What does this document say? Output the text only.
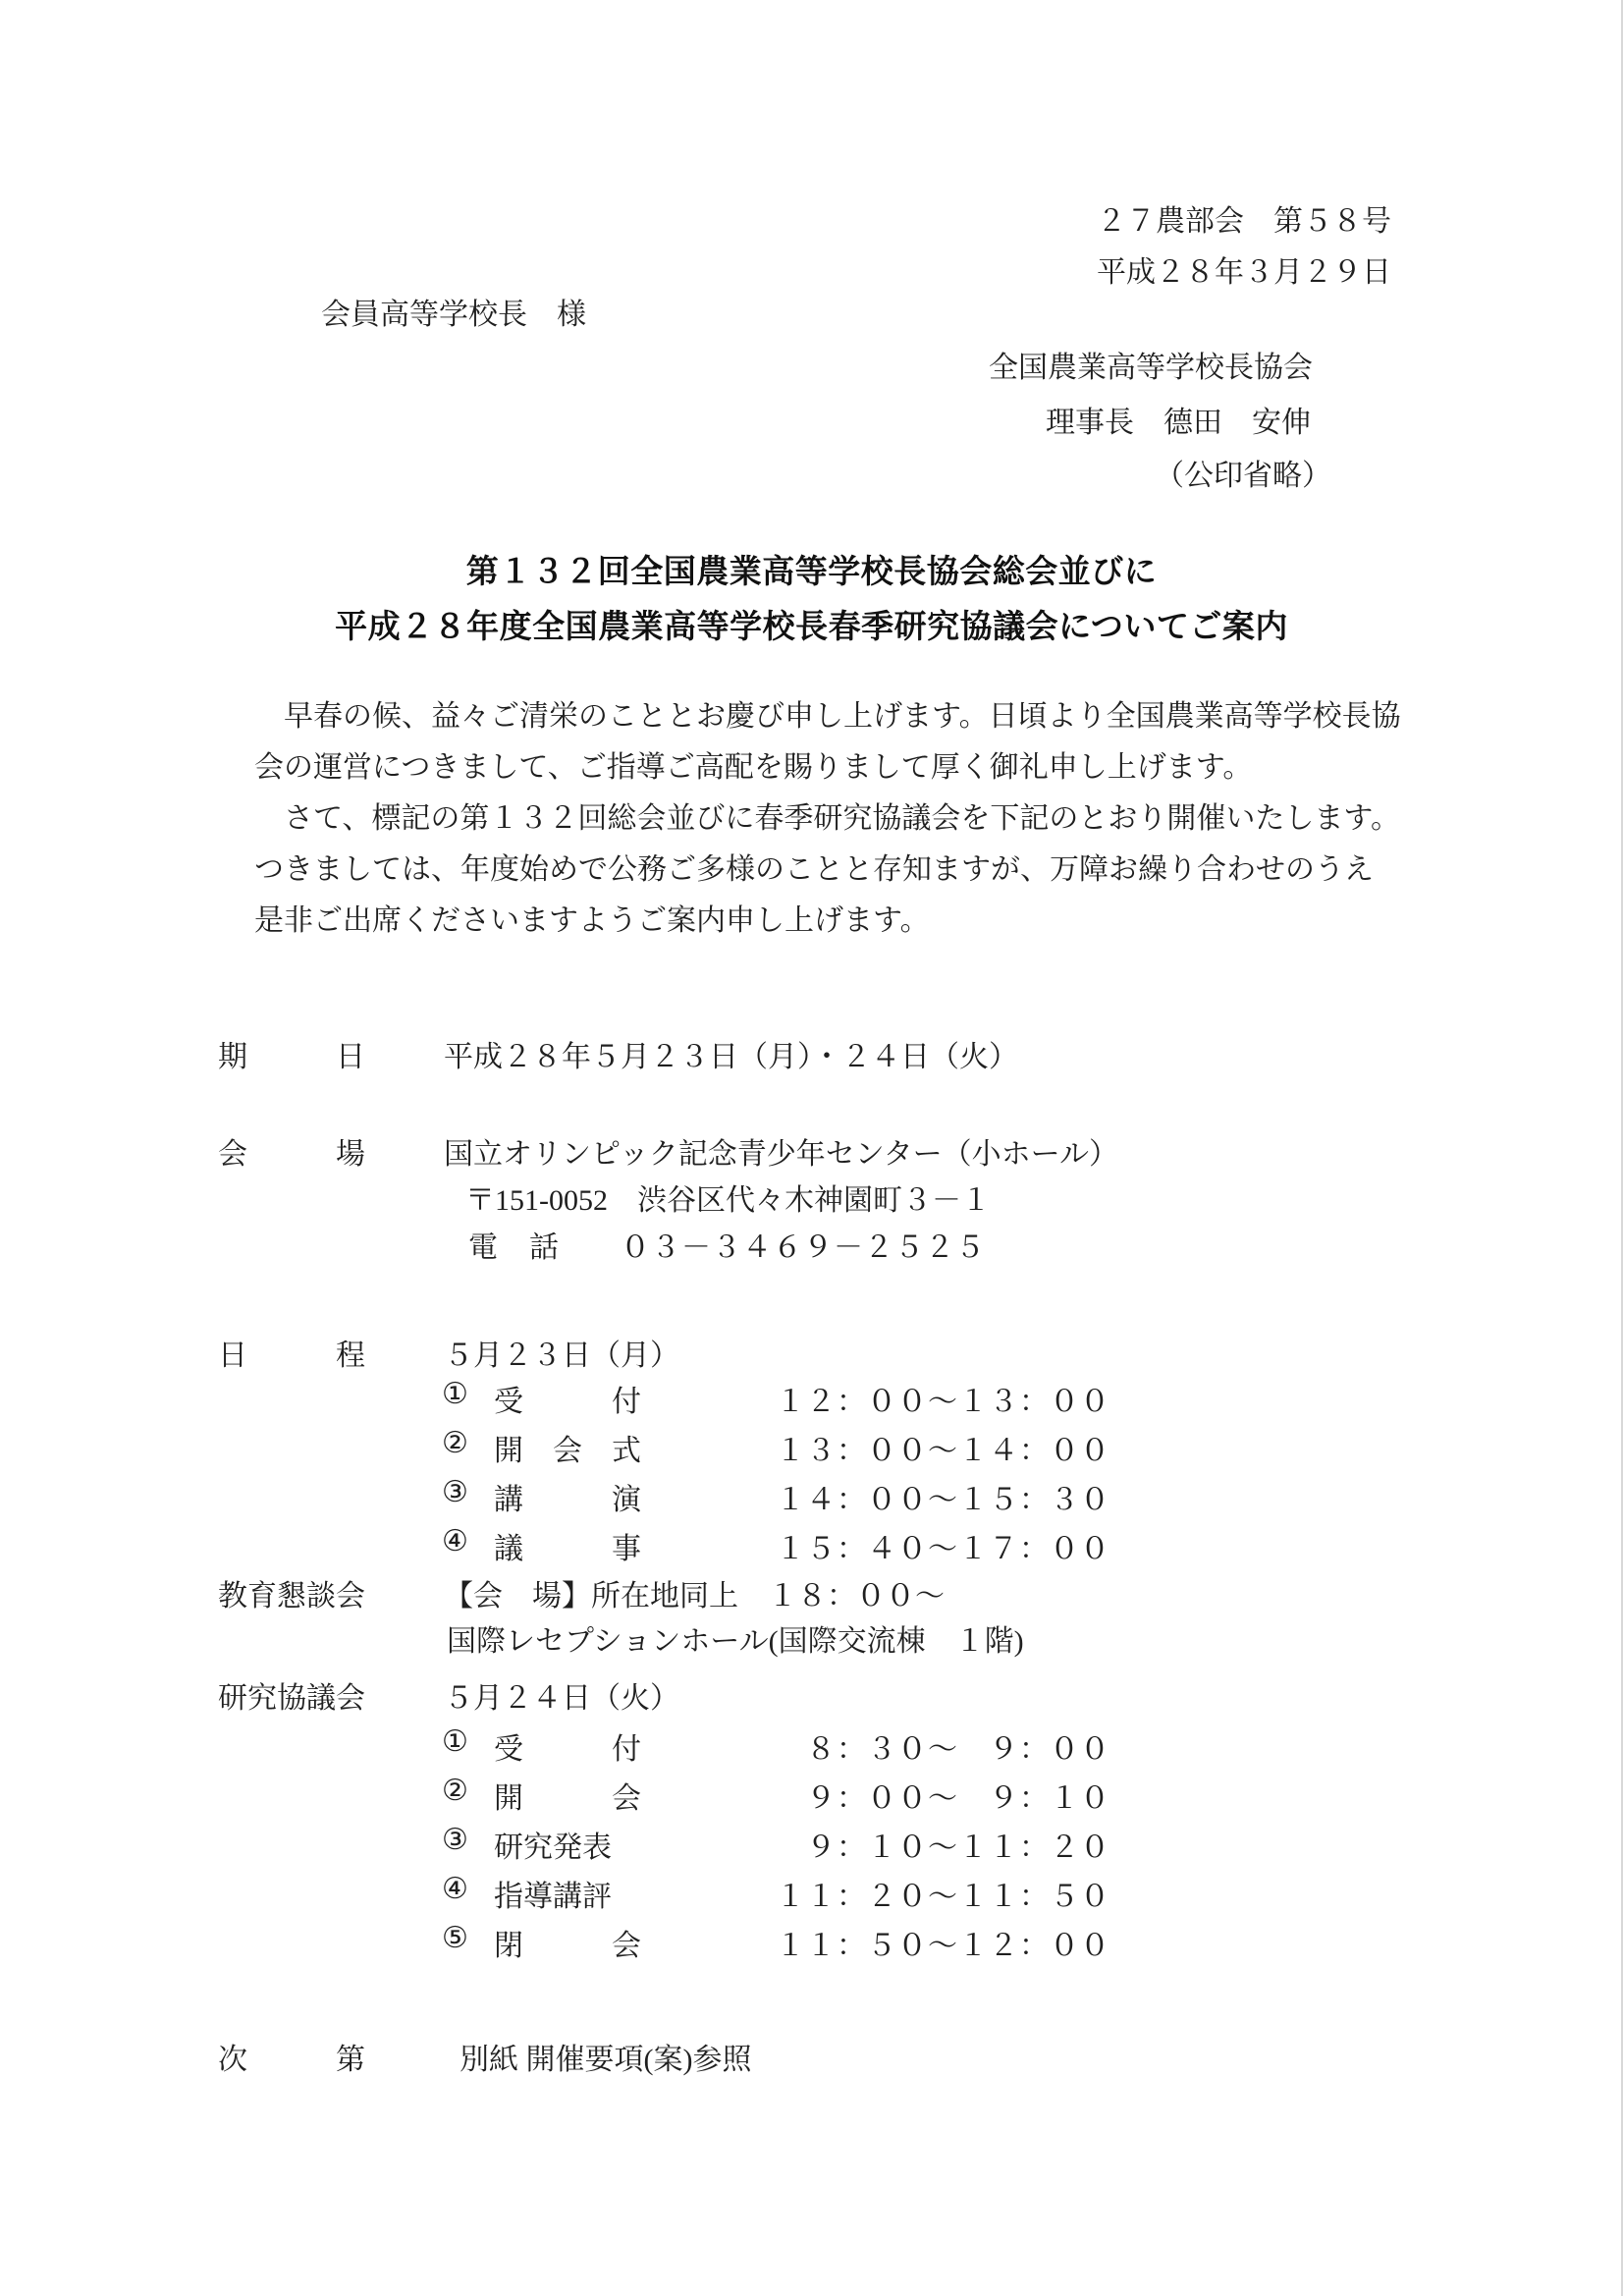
２７農部会　第５８号
平成２８年３月２９日
会員高等学校長　様
全国農業高等学校長協会
理事長　德田　安伸
（公印省略）
第１３２回全国農業高等学校長協会総会並びに
平成２８年度全国農業高等学校長春季研究協議会についてご案内
　早春の候、益々ご清栄のこととお慶び申し上げます。日頃より全国農業高等学校長協
会の運営につきまして、ご指導ご高配を賜りまして厚く御礼申し上げます。
　さて、標記の第１３２回総会並びに春季研究協議会を下記のとおり開催いたします。
つきましては、年度始めで公務ご多様のことと存知ますが、万障お繰り合わせのうえ
是非ご出席くださいますようご案内申し上げます。
期　　　日	平成２８年５月２３日（月）・２４日（火）
会　　　場	国立オリンピック記念青少年センター（小ホール）
〒151-0052　渋谷区代々木神園町３－１
電　話　　０３－３４６９－２５２５
日　　　程	５月２３日（月）
① 受　　　付	１２：００～１３：００
② 開　会　式	１３：００～１４：００
③ 講　　　演	１４：００～１５：３０
④ 議　　　事	１５：４０～１７：００
教育懇談会	【会　場】所在地同上　１８：００～
国際レセプションホール(国際交流棟　１階)
研究協議会	５月２４日（火）
① 受　　　付	　８：３０～　９：００
② 開　　　会	　９：００～　９：１０
③ 研究発表	　９：１０～１１：２０
④ 指導講評	１１：２０～１１：５０
⑤ 閉　　　会	１１：５０～１２：００
次　　　第	別紙 開催要項(案)参照
